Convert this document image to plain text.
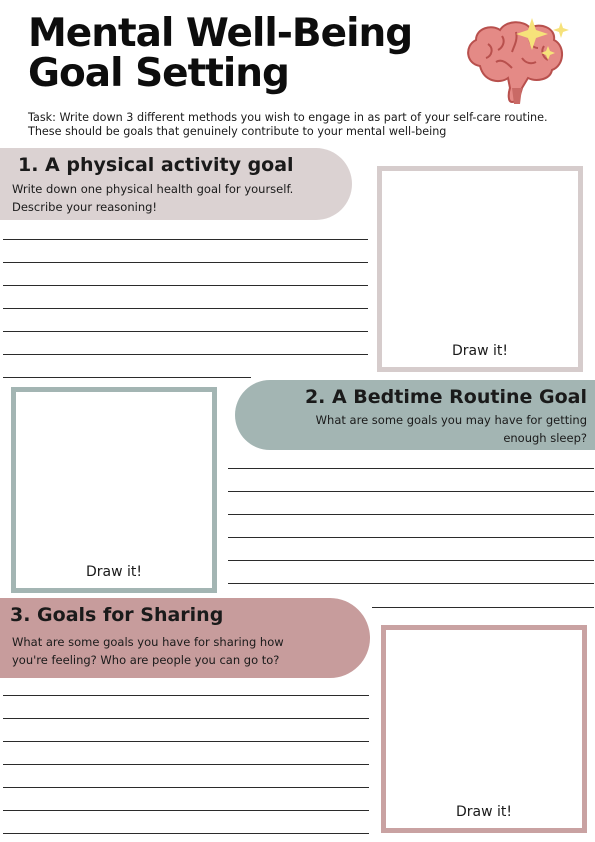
Mental Well-Being
Goal Setting

Task: Write down 3 different methods you wish to engage in as part of your self-care routine. These should be goals that genuinely contribute to your mental well-being

1. A physical activity goal

Write down one physical health goal for yourself.

Describe your reasoning!

Draw it!
Draw it!
2. A Bedtime Routine Goal

What are some goals you may have for getting

enough sleep?

3. Goals for Sharing

What are some goals you have for sharing how

you're feeling? Who are people you can go to?

Draw it!
